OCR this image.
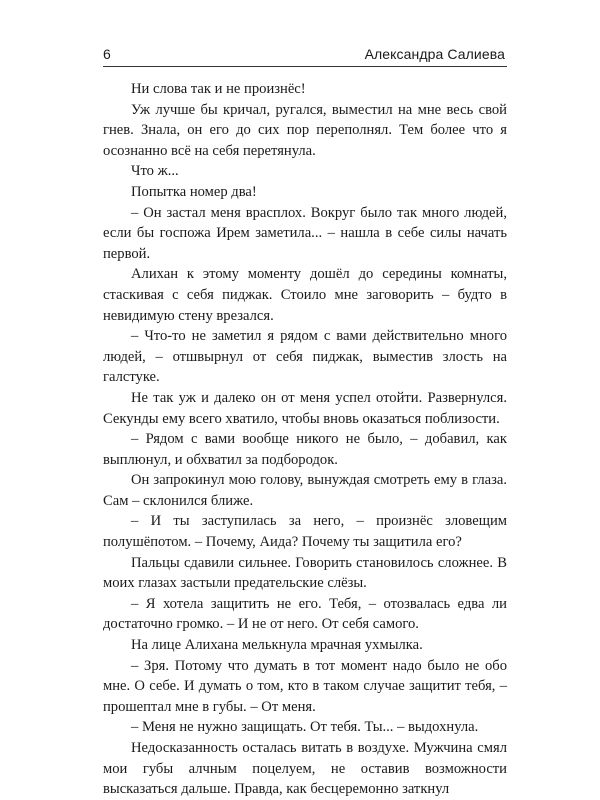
6	Александра Салиева

Ни слова так и не произнёс!

Уж лучше бы кричал, ругался, выместил на мне весь свой гнев. Знала, он его до сих пор переполнял. Тем более что я осознанно всё на себя перетянула.

Что ж...

Попытка номер два!

– Он застал меня врасплох. Вокруг было так много людей, если бы госпожа Ирем заметила... – нашла в себе силы начать первой.

Алихан к этому моменту дошёл до середины комнаты, стаскивая с себя пиджак. Стоило мне заговорить – будто в невидимую стену врезался.

– Что-то не заметил я рядом с вами действительно много людей, – отшвырнул от себя пиджак, выместив злость на галстуке.

Не так уж и далеко он от меня успел отойти. Развернулся. Секунды ему всего хватило, чтобы вновь оказаться поблизости.

– Рядом с вами вообще никого не было, – добавил, как выплюнул, и обхватил за подбородок.

Он запрокинул мою голову, вынуждая смотреть ему в глаза. Сам – склонился ближе.

– И ты заступилась за него, – произнёс зловещим полушёпотом. – Почему, Аида? Почему ты защитила его?

Пальцы сдавили сильнее. Говорить становилось сложнее. В моих глазах застыли предательские слёзы.

– Я хотела защитить не его. Тебя, – отозвалась едва ли достаточно громко. – И не от него. От себя самого.

На лице Алихана мелькнула мрачная ухмылка.

– Зря. Потому что думать в тот момент надо было не обо мне. О себе. И думать о том, кто в таком случае защитит тебя, – прошептал мне в губы. – От меня.

– Меня не нужно защищать. От тебя. Ты... – выдохнула.

Недосказанность осталась витать в воздухе. Мужчина смял мои губы алчным поцелуем, не оставив возможности высказаться дальше. Правда, как бесцеремонно заткнул
